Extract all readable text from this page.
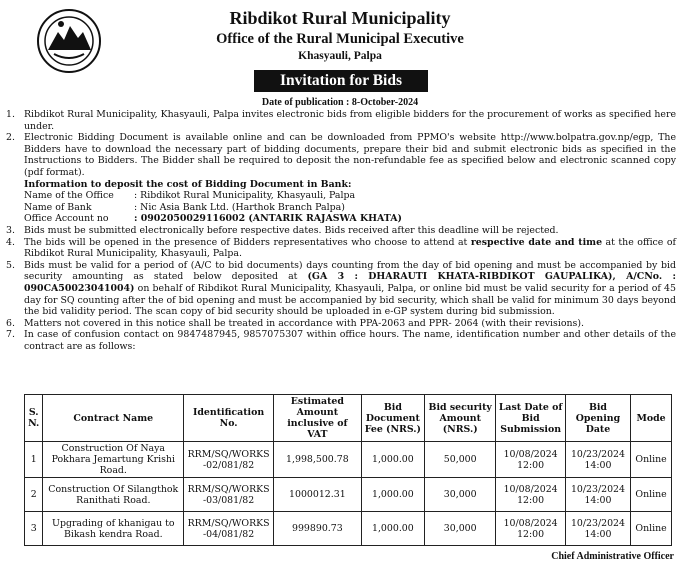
Ribdikot Rural Municipality
Office of the Rural Municipal Executive
Khasyauli, Palpa
Invitation for Bids
Date of publication : 8-October-2024
1. Ribdikot Rural Municipality, Khasyauli, Palpa invites electronic bids from eligible bidders for the procurement of works as specified here under.
2. Electronic Bidding Document is available online and can be downloaded from PPMO's website http://www.bolpatra.gov.np/egp, The Bidders have to download the necessary part of bidding documents, prepare their bid and submit electronic bids as specified in the Instructions to Bidders. The Bidder shall be required to deposit the non-refundable fee as specified below and electronic scanned copy (pdf format).
Information to deposit the cost of Bidding Document in Bank:
Name of the Office	: Ribdikot Rural Municipality, Khasyauli, Palpa
Name of Bank	: Nic Asia Bank Ltd. (Harthok Branch Palpa)
Office Account no	: 0902050029116002 (ANTARIK RAJASWA KHATA)
3. Bids must be submitted electronically before respective dates. Bids received after this deadline will be rejected.
4. The bids will be opened in the presence of Bidders representatives who choose to attend at respective date and time at the office of Ribdikot Rural Municipality, Khasyauli, Palpa.
5. Bids must be valid for a period of (A/C to bid documents) days counting from the day of bid opening and must be accompanied by bid security amounting as stated below deposited at (GA 3 : DHARAUTI KHATA-RIBDIKOT GAUPALIKA), A/CNo. : 090CA50023041004) on behalf of Ribdikot Rural Municipality, Khasyauli, Palpa, or online bid must be valid security for a period of 45 day for SQ counting after the of bid opening and must be accompanied by bid security, which shall be valid for minimum 30 days beyond the bid validity period. The scan copy of bid security should be uploaded in e-GP system during bid submission.
6. Matters not covered in this notice shall be treated in accordance with PPA-2063 and PPR- 2064 (with their revisions).
7. In case of confusion contact on 9847487945, 9857075307 within office hours. The name, identification number and other details of the contract are as follows:
S. N.	Contract Name	Identification No.	Estimated Amount inclusive of VAT	Bid Document Fee (NRS.)	Bid security Amount (NRS.)	Last Date of Bid Submission	Bid Opening Date	Mode
1	Construction Of Naya Pokhara Jemartung Krishi Road.	RRM/SQ/WORKS -02/081/82	1,998,500.78	1,000.00	50,000	10/08/2024 12:00	10/23/2024 14:00	Online
2	Construction Of Silangthok Ranithati Road.	RRM/SQ/WORKS -03/081/82	1000012.31	1,000.00	30,000	10/08/2024 12:00	10/23/2024 14:00	Online
3	Upgrading of khanigau to Bikash kendra Road.	RRM/SQ/WORKS -04/081/82	999890.73	1,000.00	30,000	10/08/2024 12:00	10/23/2024 14:00	Online
Chief Administrative Officer
